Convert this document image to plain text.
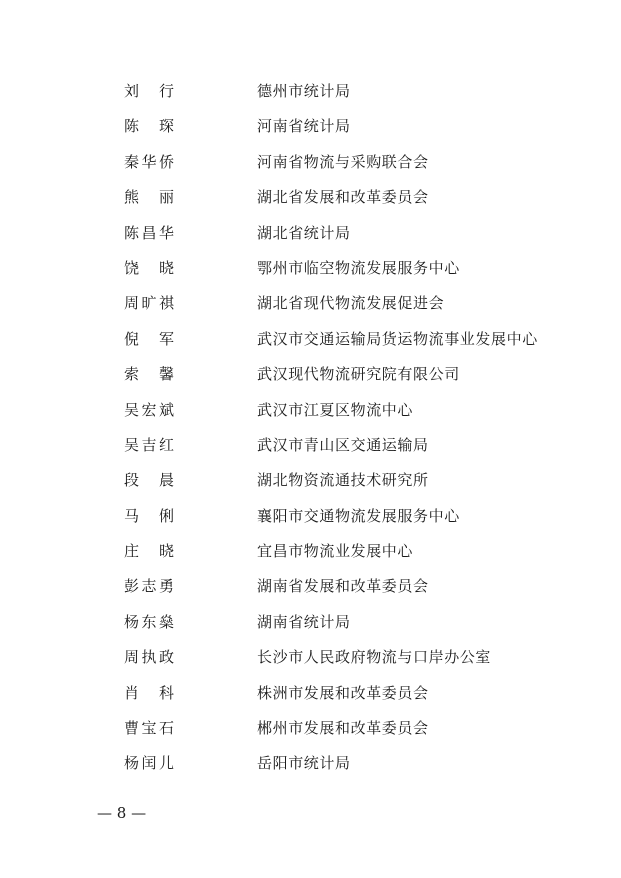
刘　行	德州市统计局
陈　琛	河南省统计局
秦华侨	河南省物流与采购联合会
熊　丽	湖北省发展和改革委员会
陈昌华	湖北省统计局
饶　晓	鄂州市临空物流发展服务中心
周旷祺	湖北省现代物流发展促进会
倪　军	武汉市交通运输局货运物流事业发展中心
索　馨	武汉现代物流研究院有限公司
吴宏斌	武汉市江夏区物流中心
吴吉红	武汉市青山区交通运输局
段　晨	湖北物资流通技术研究所
马　俐	襄阳市交通物流发展服务中心
庄　晓	宜昌市物流业发展中心
彭志勇	湖南省发展和改革委员会
杨东燊	湖南省统计局
周执政	长沙市人民政府物流与口岸办公室
肖　科	株洲市发展和改革委员会
曹宝石	郴州市发展和改革委员会
杨闰儿	岳阳市统计局
— 8 —
